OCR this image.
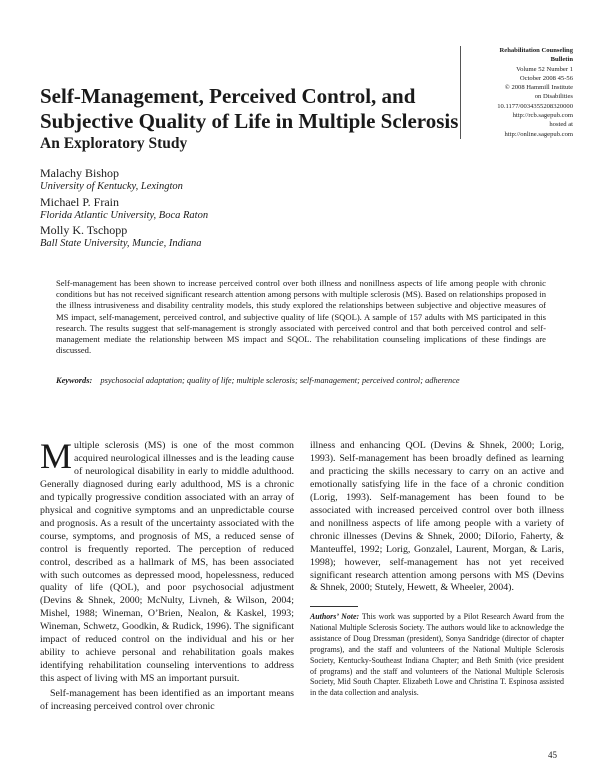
Rehabilitation Counseling
Bulletin
Volume 52 Number 1
October 2008 45-56
© 2008 Hammill Institute
on Disabilities
10.1177/0034355208320000
http://rcb.sagepub.com
hosted at
http://online.sagepub.com
Self-Management, Perceived Control, and
Subjective Quality of Life in Multiple Sclerosis
An Exploratory Study
Malachy Bishop
University of Kentucky, Lexington
Michael P. Frain
Florida Atlantic University, Boca Raton
Molly K. Tschopp
Ball State University, Muncie, Indiana
Self-management has been shown to increase perceived control over both illness and nonillness aspects of life among people with chronic conditions but has not received significant research attention among persons with multiple sclerosis (MS). Based on relationships proposed in the illness intrusiveness and disability centrality models, this study explored the relationships between subjective and objective measures of MS impact, self-management, perceived control, and subjective quality of life (SQOL). A sample of 157 adults with MS participated in this research. The results suggest that self-management is strongly associated with perceived control and that both perceived control and self-management mediate the relationship between MS impact and SQOL. The rehabilitation counseling implications of these findings are discussed.
Keywords: psychosocial adaptation; quality of life; multiple sclerosis; self-management; perceived control; adherence
M ultiple sclerosis (MS) is one of the most common acquired neurological illnesses and is the leading cause of neurological disability in early to middle adulthood. Generally diagnosed during early adulthood, MS is a chronic and typically progressive condition associated with an array of physical and cognitive symptoms and an unpredictable course and prognosis. As a result of the uncertainty associated with the course, symptoms, and prognosis of MS, a reduced sense of control is frequently reported. The perception of reduced control, described as a hallmark of MS, has been associated with such outcomes as depressed mood, hopelessness, reduced quality of life (QOL), and poor psychosocial adjustment (Devins & Shnek, 2000; McNulty, Livneh, & Wilson, 2004; Mishel, 1988; Wineman, O’Brien, Nealon, & Kaskel, 1993; Wineman, Schwetz, Goodkin, & Rudick, 1996). The significant impact of reduced control on the individual and his or her ability to achieve personal and rehabilitation goals makes identifying rehabilitation counseling interventions to address this aspect of living with MS an important pursuit.
Self-management has been identified as an important means of increasing perceived control over chronic
illness and enhancing QOL (Devins & Shnek, 2000; Lorig, 1993). Self-management has been broadly defined as learning and practicing the skills necessary to carry on an active and emotionally satisfying life in the face of a chronic condition (Lorig, 1993). Self-management has been found to be associated with increased perceived control over both illness and nonillness aspects of life among people with a variety of chronic illnesses (Devins & Shnek, 2000; DiIorio, Faherty, & Manteuffel, 1992; Lorig, Gonzalel, Laurent, Morgan, & Laris, 1998); however, self-management has not yet received significant research attention among persons with MS (Devins & Shnek, 2000; Stutely, Hewett, & Wheeler, 2004).
Authors’ Note: This work was supported by a Pilot Research Award from the National Multiple Sclerosis Society. The authors would like to acknowledge the assistance of Doug Dressman (president), Sonya Sandridge (director of chapter programs), and the staff and volunteers of the National Multiple Sclerosis Society, Kentucky-Southeast Indiana Chapter; and Beth Smith (vice president of programs) and the staff and volunteers of the National Multiple Sclerosis Society, Mid South Chapter. Elizabeth Lowe and Christina T. Espinosa assisted in the data collection and analysis.
45
